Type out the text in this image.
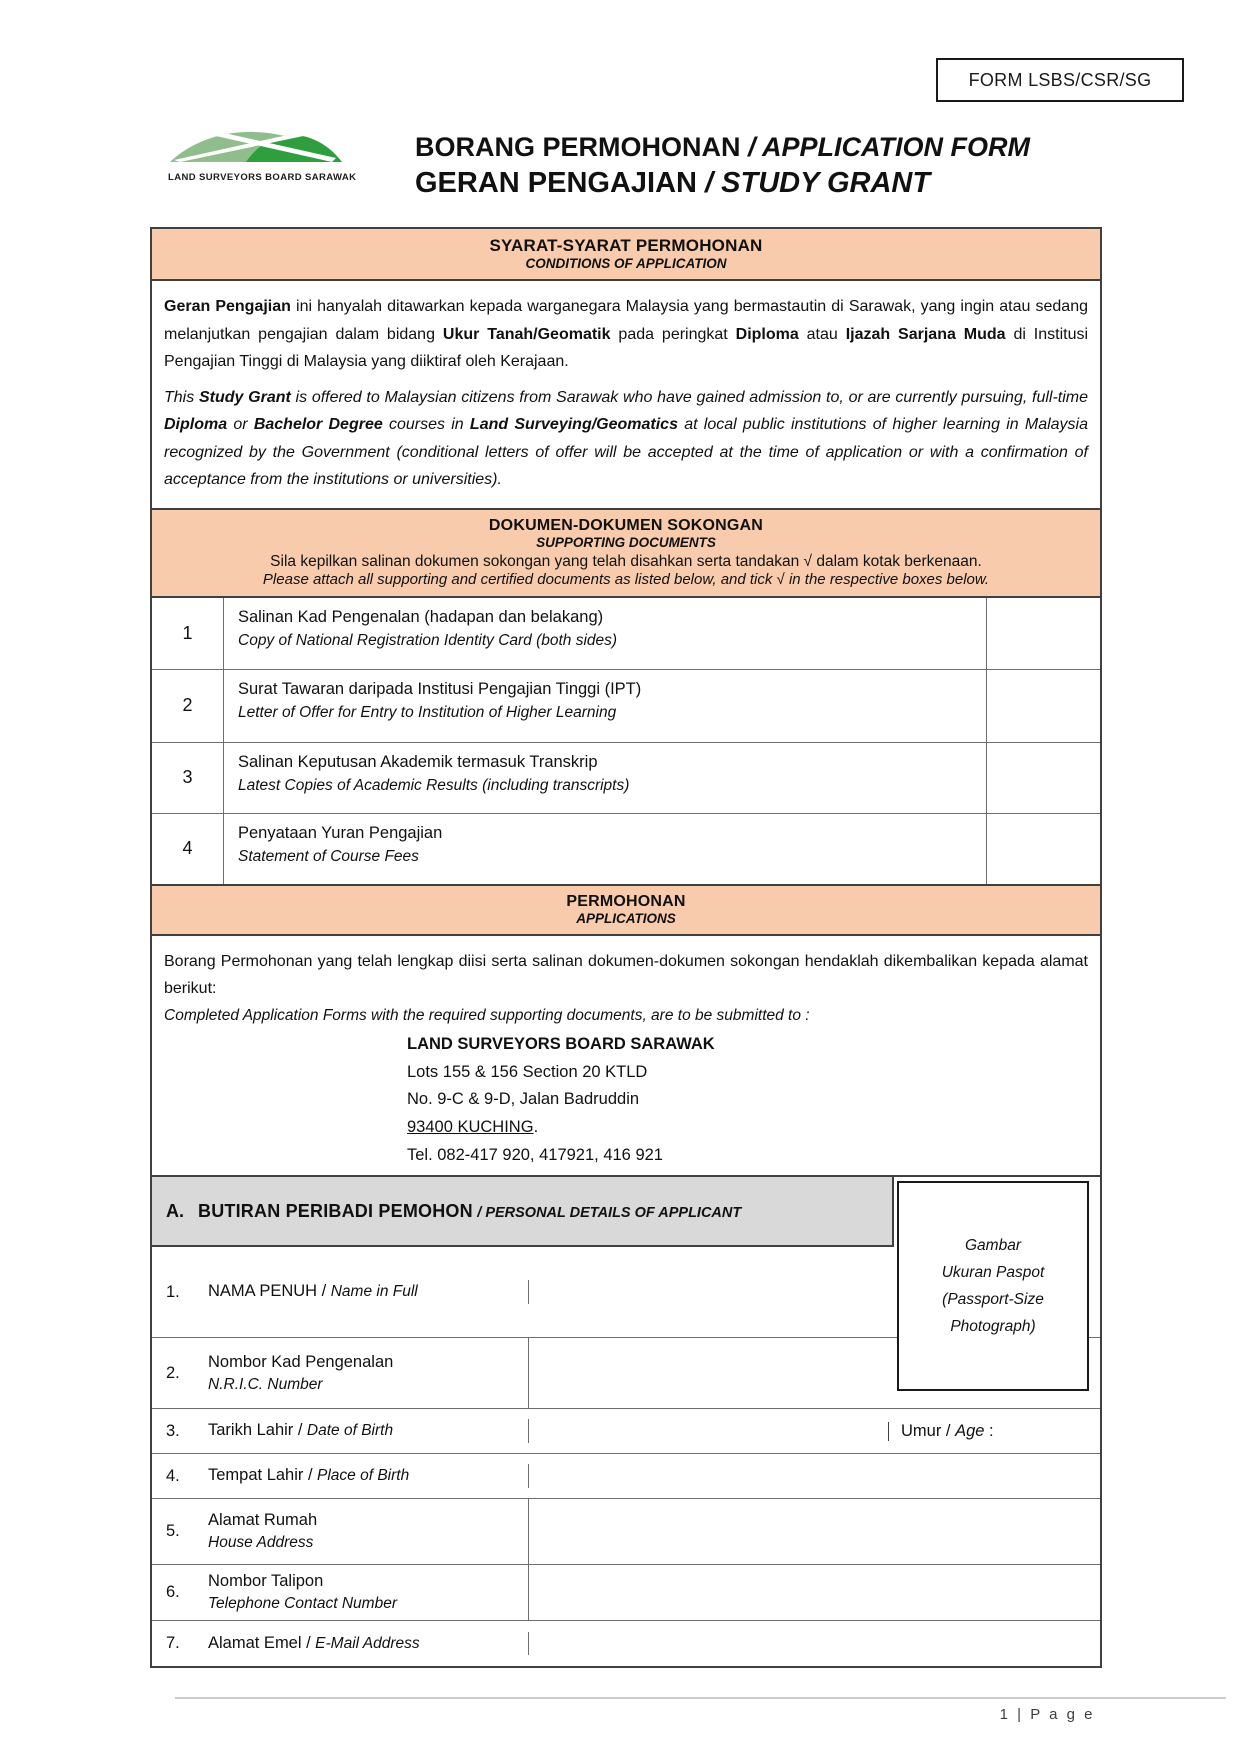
FORM LSBS/CSR/SG
LAND SURVEYORS BOARD SARAWAK
BORANG PERMOHONAN / APPLICATION FORM
GERAN PENGAJIAN / STUDY GRANT
SYARAT-SYARAT PERMOHONAN
CONDITIONS OF APPLICATION

Geran Pengajian ini hanyalah ditawarkan kepada warganegara Malaysia yang bermastautin di Sarawak, yang ingin atau sedang melanjutkan pengajian dalam bidang Ukur Tanah/Geomatik pada peringkat Diploma atau Ijazah Sarjana Muda di Institusi Pengajian Tinggi di Malaysia yang diiktiraf oleh Kerajaan.

This Study Grant is offered to Malaysian citizens from Sarawak who have gained admission to, or are currently pursuing, full-time Diploma or Bachelor Degree courses in Land Surveying/Geomatics at local public institutions of higher learning in Malaysia recognized by the Government (conditional letters of offer will be accepted at the time of application or with a confirmation of acceptance from the institutions or universities).

DOKUMEN-DOKUMEN SOKONGAN
SUPPORTING DOCUMENTS
Sila kepilkan salinan dokumen sokongan yang telah disahkan serta tandakan √ dalam kotak berkenaan.
Please attach all supporting and certified documents as listed below, and tick √ in the respective boxes below.
1
Salinan Kad Pengenalan (hadapan dan belakang)
Copy of National Registration Identity Card (both sides)
2
Surat Tawaran daripada Institusi Pengajian Tinggi (IPT)
Letter of Offer for Entry to Institution of Higher Learning
3
Salinan Keputusan Akademik termasuk Transkrip
Latest Copies of Academic Results (including transcripts)
4
Penyataan Yuran Pengajian
Statement of Course Fees
PERMOHONAN
APPLICATIONS

Borang Permohonan yang telah lengkap diisi serta salinan dokumen-dokumen sokongan hendaklah dikembalikan kepada alamat berikut:

Completed Application Forms with the required supporting documents, are to be submitted to :

LAND SURVEYORS BOARD SARAWAK
Lots 155 & 156 Section 20 KTLD
No. 9-C & 9-D, Jalan Badruddin
93400 KUCHING.
Tel. 082-417 920, 417921, 416 921
A. BUTIRAN PERIBADI PEMOHON / PERSONAL DETAILS OF APPLICANT
Gambar
Ukuran Paspot
(Passport-Size
Photograph)
1.	NAMA PENUH / Name in Full
2.
Nombor Kad Pengenalan
N.R.I.C. Number
3.	Tarikh Lahir / Date of Birth	Umur / Age :
4.	Tempat Lahir / Place of Birth
5.
Alamat Rumah
House Address
6.
Nombor Talipon
Telephone Contact Number
7.	Alamat Emel / E-Mail Address
1 | P a g e
